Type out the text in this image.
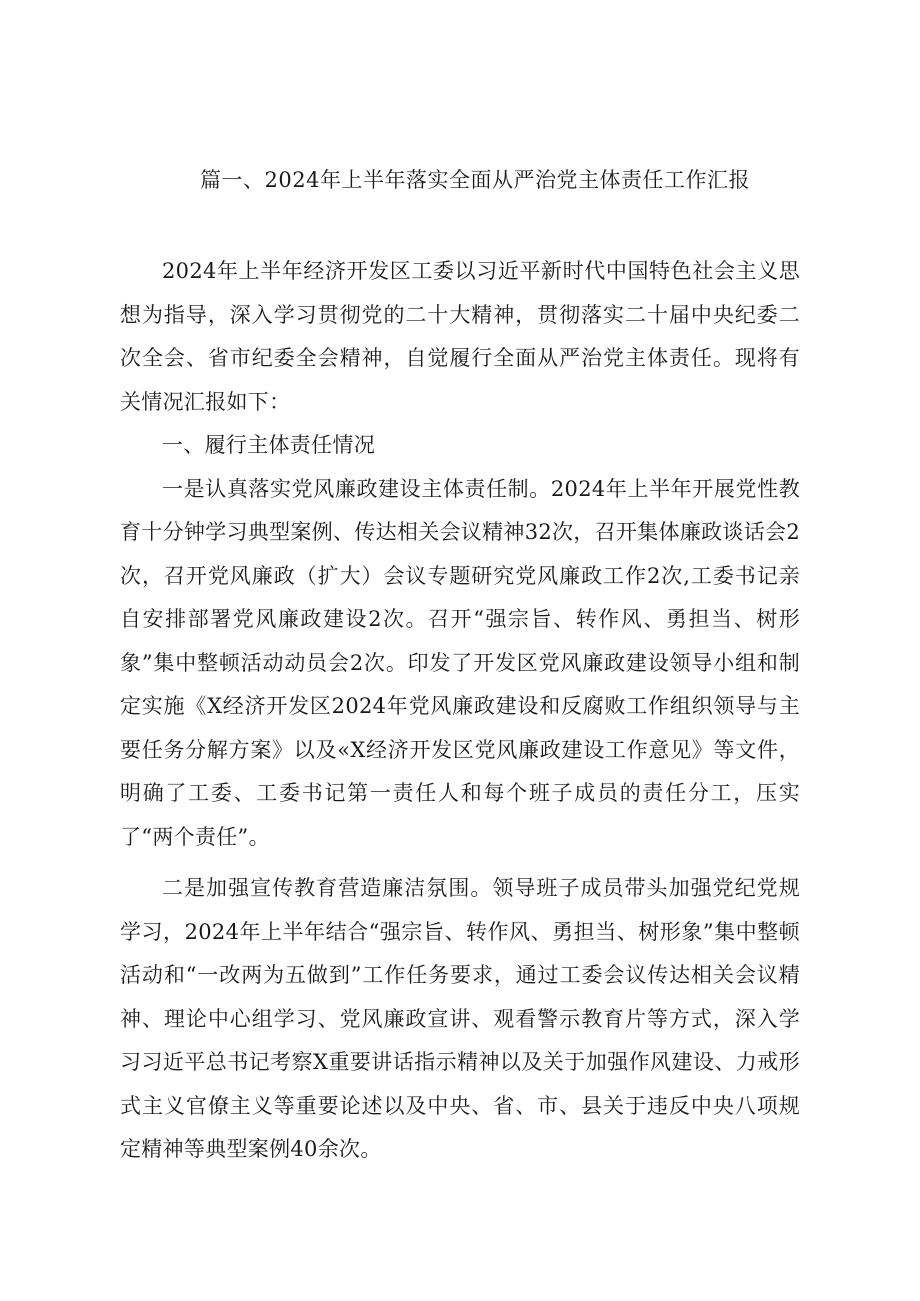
篇一、2024年上半年落实全面从严治党主体责任工作汇报

2024年上半年经济开发区工委以习近平新时代中国特色社会主义思想为指导，深入学习贯彻党的二十大精神，贯彻落实二十届中央纪委二次全会、省市纪委全会精神，自觉履行全面从严治党主体责任。现将有关情况汇报如下：

一、履行主体责任情况

一是认真落实党风廉政建设主体责任制。2024年上半年开展党性教育十分钟学习典型案例、传达相关会议精神32次，召开集体廉政谈话会2次，召开党风廉政（扩大）会议专题研究党风廉政工作2次,工委书记亲自安排部署党风廉政建设2次。召开“强宗旨、转作风、勇担当、树形象”集中整顿活动动员会2次。印发了开发区党风廉政建设领导小组和制定实施《X经济开发区2024年党风廉政建设和反腐败工作组织领导与主要任务分解方案》以及«X经济开发区党风廉政建设工作意见》等文件，明确了工委、工委书记第一责任人和每个班子成员的责任分工，压实了“两个责任”。

二是加强宣传教育营造廉洁氛围。领导班子成员带头加强党纪党规学习，2024年上半年结合“强宗旨、转作风、勇担当、树形象”集中整顿活动和“一改两为五做到”工作任务要求，通过工委会议传达相关会议精神、理论中心组学习、党风廉政宣讲、观看警示教育片等方式，深入学习习近平总书记考察X重要讲话指示精神以及关于加强作风建设、力戒形式主义官僚主义等重要论述以及中央、省、市、县关于违反中央八项规定精神等典型案例40余次。
